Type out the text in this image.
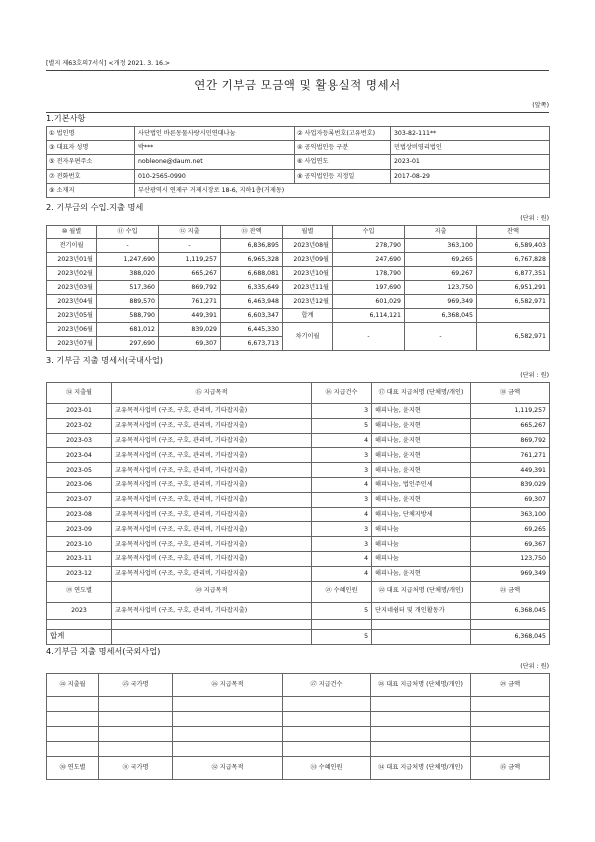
[별지 제63호의7서식] <개정 2021. 3. 16.>
연간 기부금 모금액 및 활용실적 명세서
(앞쪽)
1.기본사항
① 법인명	사단법인 바른동물사랑시민연대나눔	② 사업자등록번호(고유번호)	303-82-111**
③ 대표자 성명	박***	④ 공익법인등 구분	민법상비영리법인
⑤ 전자우편주소	nobleone@daum.net	⑥ 사업연도	2023-01
⑦ 전화번호	010-2565-0990	⑧ 공익법인등 지정일	2017-08-29
⑨ 소재지	부산광역시 연제구 거제시장로 18-6, 지하1층(거제동)		
2. 기부금의 수입.지출 명세
(단위 : 원)
⑩ 월별	⑪ 수입	⑫ 지출	⑬ 잔액	월별	수입	지출	잔액
전기이월	-	-	6,836,895	2023년08월	278,790	363,100	6,589,403
2023년01월	1,247,690	1,119,257	6,965,328	2023년09월	247,690	69,265	6,767,828
2023년02월	388,020	665,267	6,688,081	2023년10월	178,790	69,267	6,877,351
2023년03월	517,360	869,792	6,335,649	2023년11월	197,690	123,750	6,951,291
2023년04월	889,570	761,271	6,463,948	2023년12월	601,029	969,349	6,582,971
2023년05월	588,790	449,391	6,603,347	합계	6,114,121	6,368,045	
2023년06월	681,012	839,029	6,445,330	차기이월	-	-	6,582,971
2023년07월	297,690	69,307	6,673,713				
3. 기부금 지출 명세서(국내사업)
(단위 : 원)
⑭ 지출월	⑮ 지급목적	⑯ 지급건수	⑰ 대표 지급처명 (단체명/개인)	⑱ 금액
2023-01	교유목적사업비 (구조, 구호, 관리비, 기타잡지출)	3	해피나눔, 윤지현	1,119,257
2023-02	교유목적사업비 (구조, 구호, 관리비, 기타잡지출)	5	해피나눔, 윤지현	665,267
2023-03	교유목적사업비 (구조, 구호, 관리비, 기타잡지출)	4	해피나눔, 윤지현	869,792
2023-04	교유목적사업비 (구조, 구호, 관리비, 기타잡지출)	3	해피나눔, 윤지현	761,271
2023-05	교유목적사업비 (구조, 구호, 관리비, 기타잡지출)	3	해피나눔, 윤지현	449,391
2023-06	교유목적사업비 (구조, 구호, 관리비, 기타잡지출)	4	해피나눔, 법인주민세	839,029
2023-07	교유목적사업비 (구조, 구호, 관리비, 기타잡지출)	3	해피나눔, 윤지현	69,307
2023-08	교유목적사업비 (구조, 구호, 관리비, 기타잡지출)	4	해피나눔, 단체지방세	363,100
2023-09	교유목적사업비 (구조, 구호, 관리비, 기타잡지출)	3	해피나눔	69,265
2023-10	교유목적사업비 (구조, 구호, 관리비, 기타잡지출)	3	해피나눔	69,367
2023-11	교유목적사업비 (구조, 구호, 관리비, 기타잡지출)	4	해피나눔	123,750
2023-12	교유목적사업비 (구조, 구호, 관리비, 기타잡지출)	4	해피나눔, 윤지현	969,349
⑲ 연도별	⑳ 지급목적	㉑ 수혜인원	㉒ 대표 지급처명 (단체명/개인)	㉓ 금액
2023	교유목적사업비 (구조, 구호, 관리비, 기타잡지출)	5	단지네쉼터 및 개인활동가	6,368,045

합계		5		6,368,045
4.기부금 지출 명세서(국외사업)
(단위 : 원)
㉔ 지출월	㉕ 국가명	㉖ 지급목적	㉗ 지급건수	㉘ 대표 지급처명 (단체명/개인)	㉙ 금액

㉚ 연도별	㉛ 국가명	㉜ 지급목적	㉝ 수혜인원	㉞ 대표 지급처명 (단체명/개인)	㉟ 금액
